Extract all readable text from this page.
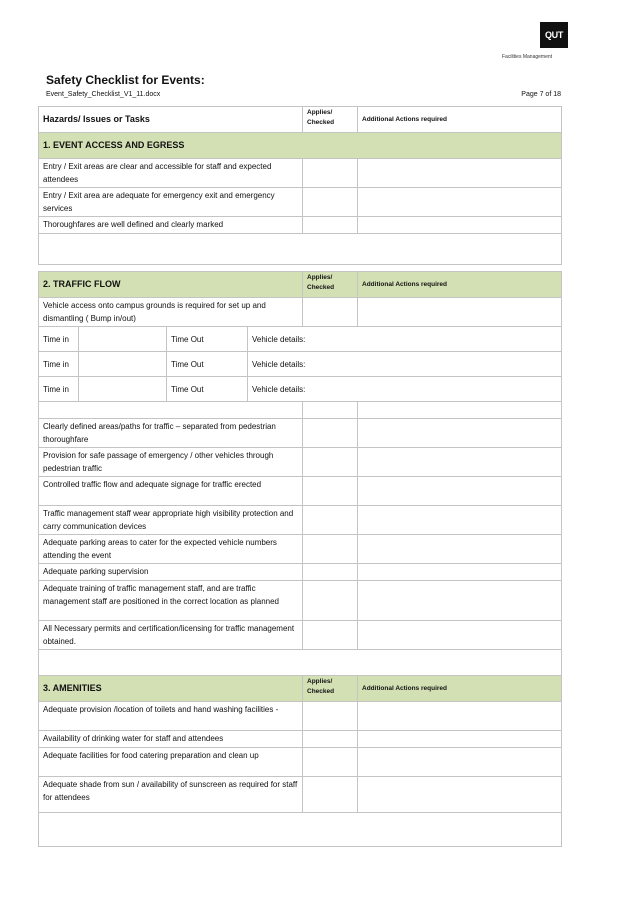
QUT
Facilities Management
Safety Checklist for Events:
Event_Safety_Checklist_V1_11.docx	Page 7 of 18
Hazards/ Issues or Tasks	Applies/ Checked	Additional Actions required
1. EVENT ACCESS AND EGRESS		
Entry / Exit areas are clear and accessible for staff and expected attendees		
Entry / Exit area are adequate for emergency exit and emergency services		
Thoroughfares are well defined and clearly marked		

2. TRAFFIC FLOW				Applies/ Checked	Additional Actions required
Vehicle access onto campus grounds is required for set up and dismantling ( Bump in/out)					
Time in		Time Out	Vehicle details:		
Time in		Time Out	Vehicle details:		
Time in		Time Out	Vehicle details:		

Clearly defined areas/paths for traffic – separated from pedestrian thoroughfare					
Provision for safe passage of emergency / other vehicles through pedestrian traffic					
Controlled traffic flow and adequate signage for traffic erected					
Traffic management staff wear appropriate high visibility protection and carry communication devices					
Adequate parking areas to cater for the expected vehicle numbers attending the event					
Adequate parking supervision					
Adequate training of traffic management staff, and are traffic management staff are positioned in the correct location as planned					
All Necessary permits and certification/licensing for traffic management obtained.					

3. AMENITIES	Applies/ Checked	Additional Actions required
Adequate provision /location of toilets and hand washing facilities -		
Availability of drinking water for staff and attendees		
Adequate facilities for food catering preparation and clean up		
Adequate shade from sun / availability of sunscreen as required for staff for attendees		
